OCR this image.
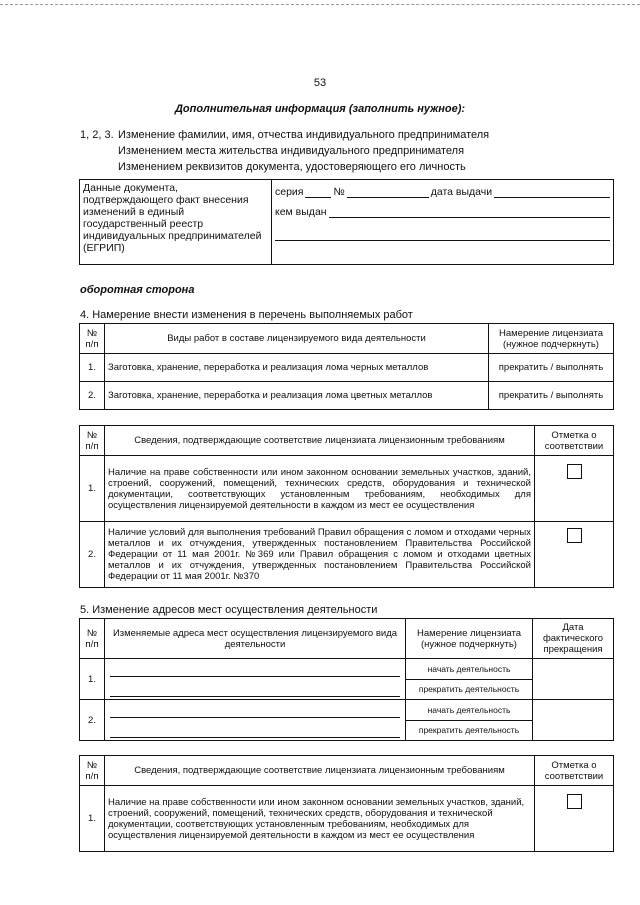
53
Дополнительная информация (заполнить нужное):
1, 2, 3. Изменение фамилии, имя, отчества индивидуального предпринимателя
Изменением места жительства индивидуального предпринимателя
Изменением реквизитов документа, удостоверяющего его личность
Данные документа, подтверждающего факт внесения изменений в единый государственный реестр индивидуальных предпринимателей (ЕГРИП)	
серия	№	дата выдачи
кем выдан
оборотная сторона
4. Намерение внести изменения в перечень выполняемых работ
№ п/п	Виды работ в составе лицензируемого вида деятельности	Намерение лицензиата (нужное подчеркнуть)
1.	Заготовка, хранение, переработка и реализация лома черных металлов	прекратить / выполнять
2.	Заготовка, хранение, переработка и реализация лома цветных металлов	прекратить / выполнять
№ п/п	Сведения, подтверждающие соответствие лицензиата лицензионным требованиям	Отметка о соответствии
1.	Наличие на праве собственности или ином законном основании земельных участков, зданий, строений, сооружений, помещений, технических средств, оборудования и технической документации, соответствующих установленным требованиям, необходимых для осуществления лицензируемой деятельности в каждом из мест ее осуществления	
2.	Наличие условий для выполнения требований Правил обращения с ломом и отходами черных металлов и их отчуждения, утвержденных постановлением Правительства Российской Федерации от 11 мая 2001г. №369 или Правил обращения с ломом и отходами цветных металлов и их отчуждения, утвержденных постановлением Правительства Российской Федерации от 11 мая 2001г. №370	
5. Изменение адресов мест осуществления деятельности
№ п/п	Изменяемые адреса мест осуществления лицензируемого вида деятельности	Намерение лицензиата (нужное подчеркнуть)	Дата фактического прекращения
1.		начать деятельность	
		прекратить деятельность	
2.		начать деятельность	
		прекратить деятельность	
№ п/п	Сведения, подтверждающие соответствие лицензиата лицензионным требованиям	Отметка о соответствии
1.	Наличие на праве собственности или ином законном основании земельных участков, зданий, строений, сооружений, помещений, технических средств, оборудования и технической документации, соответствующих установленным требованиям, необходимых для осуществления лицензируемой деятельности в каждом из мест ее осуществления	
